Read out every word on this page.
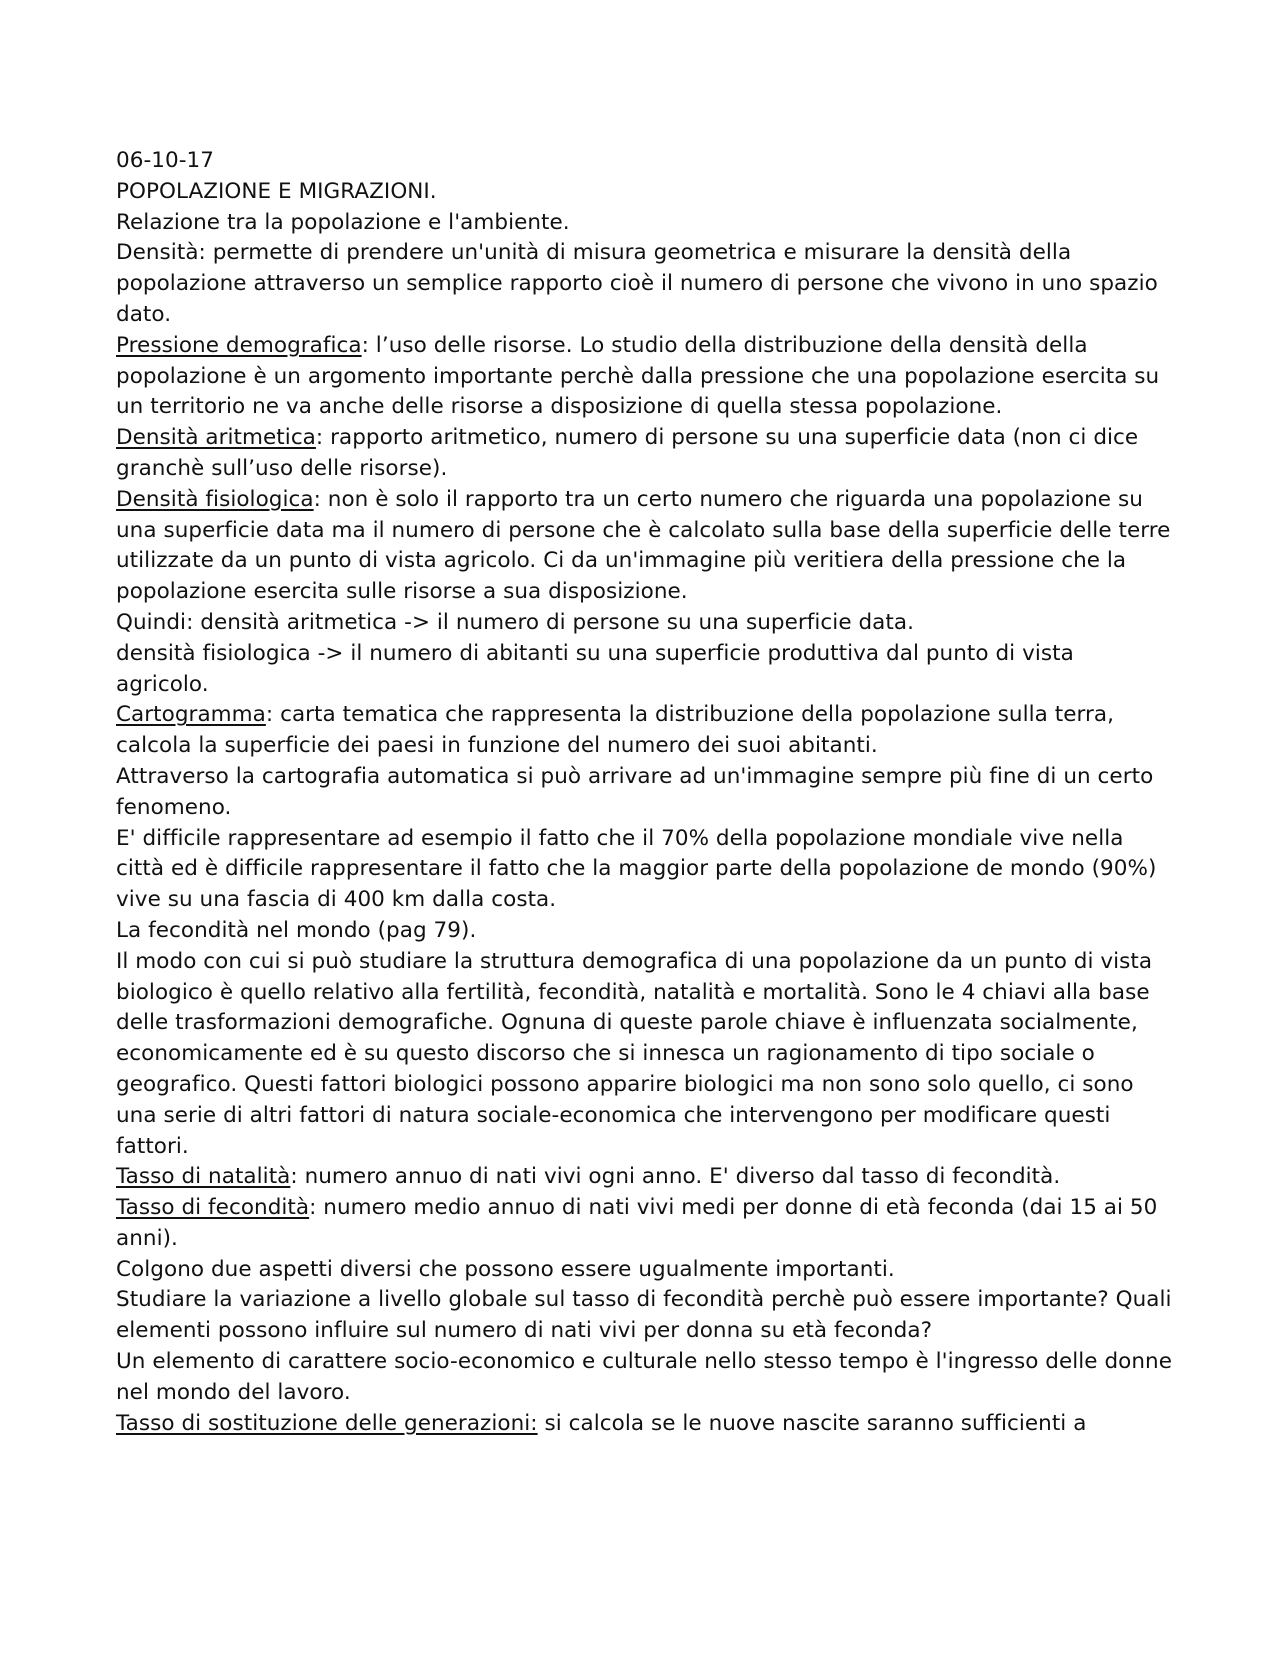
06-10-17

POPOLAZIONE E MIGRAZIONI.

Relazione tra la popolazione e l'ambiente.

Densità: permette di prendere un'unità di misura geometrica e misurare la densità della popolazione attraverso un semplice rapporto cioè il numero di persone che vivono in uno spazio dato.

Pressione demografica: l’uso delle risorse. Lo studio della distribuzione della densità della popolazione è un argomento importante perchè dalla pressione che una popolazione esercita su un territorio ne va anche delle risorse a disposizione di quella stessa popolazione.

Densità aritmetica: rapporto aritmetico, numero di persone su una superficie data (non ci dice granchè sull’uso delle risorse).

Densità fisiologica: non è solo il rapporto tra un certo numero che riguarda una popolazione su una superficie data ma il numero di persone che è calcolato sulla base della superficie delle terre utilizzate da un punto di vista agricolo. Ci da un'immagine più veritiera della pressione che la popolazione esercita sulle risorse a sua disposizione.

Quindi: densità aritmetica -> il numero di persone su una superficie data.

densità fisiologica -> il numero di abitanti su una superficie produttiva dal punto di vista agricolo.

Cartogramma: carta tematica che rappresenta la distribuzione della popolazione sulla terra, calcola la superficie dei paesi in funzione del numero dei suoi abitanti.

Attraverso la cartografia automatica si può arrivare ad un'immagine sempre più fine di un certo fenomeno.

E' difficile rappresentare ad esempio il fatto che il 70% della popolazione mondiale vive nella città ed è difficile rappresentare il fatto che la maggior parte della popolazione de mondo (90%) vive su una fascia di 400 km dalla costa.

La fecondità nel mondo (pag 79).

Il modo con cui si può studiare la struttura demografica di una popolazione da un punto di vista biologico è quello relativo alla fertilità, fecondità, natalità e mortalità. Sono le 4 chiavi alla base delle trasformazioni demografiche. Ognuna di queste parole chiave è influenzata socialmente, economicamente ed è su questo discorso che si innesca un ragionamento di tipo sociale o geografico. Questi fattori biologici possono apparire biologici ma non sono solo quello, ci sono una serie di altri fattori di natura sociale-economica che intervengono per modificare questi fattori.

Tasso di natalità: numero annuo di nati vivi ogni anno. E' diverso dal tasso di fecondità.

Tasso di fecondità: numero medio annuo di nati vivi medi per donne di età feconda (dai 15 ai 50 anni).

Colgono due aspetti diversi che possono essere ugualmente importanti.

Studiare la variazione a livello globale sul tasso di fecondità perchè può essere importante? Quali elementi possono influire sul numero di nati vivi per donna su età feconda?

Un elemento di carattere socio-economico e culturale nello stesso tempo è l'ingresso delle donne nel mondo del lavoro.

Tasso di sostituzione delle generazioni: si calcola se le nuove nascite saranno sufficienti a
